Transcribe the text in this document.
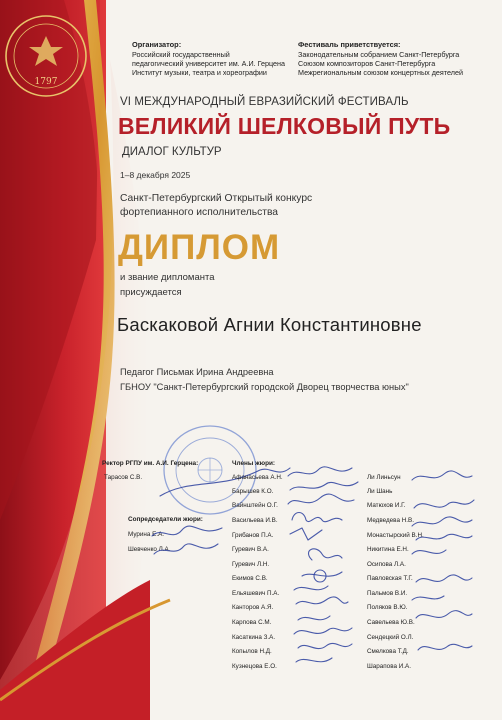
1797
Организатор:
Российский государственный
педагогический университет им. А.И. Герцена
Институт музыки, театра и хореографии
Фестиваль приветствуется:
Законодательным собранием Санкт-Петербурга
Союзом композиторов Санкт-Петербурга
Межрегиональным союзом концертных деятелей
VI МЕЖДУНАРОДНЫЙ ЕВРАЗИЙСКИЙ ФЕСТИВАЛЬ
ВЕЛИКИЙ ШЕЛКОВЫЙ ПУТЬ
ДИАЛОГ КУЛЬТУР
1–8 декабря 2025
Санкт-Петербургский Открытый конкурс
фортепианного исполнительства
ДИПЛОМ
и звание дипломанта
присуждается
Баскаковой Агнии Константиновне
Педагог Письмак Ирина Андреевна
ГБНОУ "Санкт-Петербургский городской Дворец творчества юных"
Ректор РГПУ им. А.И. Герцена:
Тарасов С.В.
Сопредседатели жюри:
Мурина Е.А.
Шевченко Л.А.
Члены жюри:
Афанасьева А.Н.
Барышев К.О.
Вайнштейн О.Г.
Васильева И.В.
Грибанов П.А.
Гуревич В.А.
Гуревич Л.Н.
Екимов С.В.
Ельяшевич П.А.
Канторов А.Я.
Карпова С.М.
Касаткина З.А.
Копылов Н.Д.
Кузнецова Е.О.
Ли Линьсун
Ли Шань
Матюхов И.Г.
Медведева Н.В.
Монастырский В.Н.
Никитина Е.Н.
Осипова Л.А.
Павловская Т.Г.
Пальмов В.И.
Поляков В.Ю.
Савельева Ю.В.
Сендецкий О.Л.
Смелкова Т.Д.
Шарапова И.А.
